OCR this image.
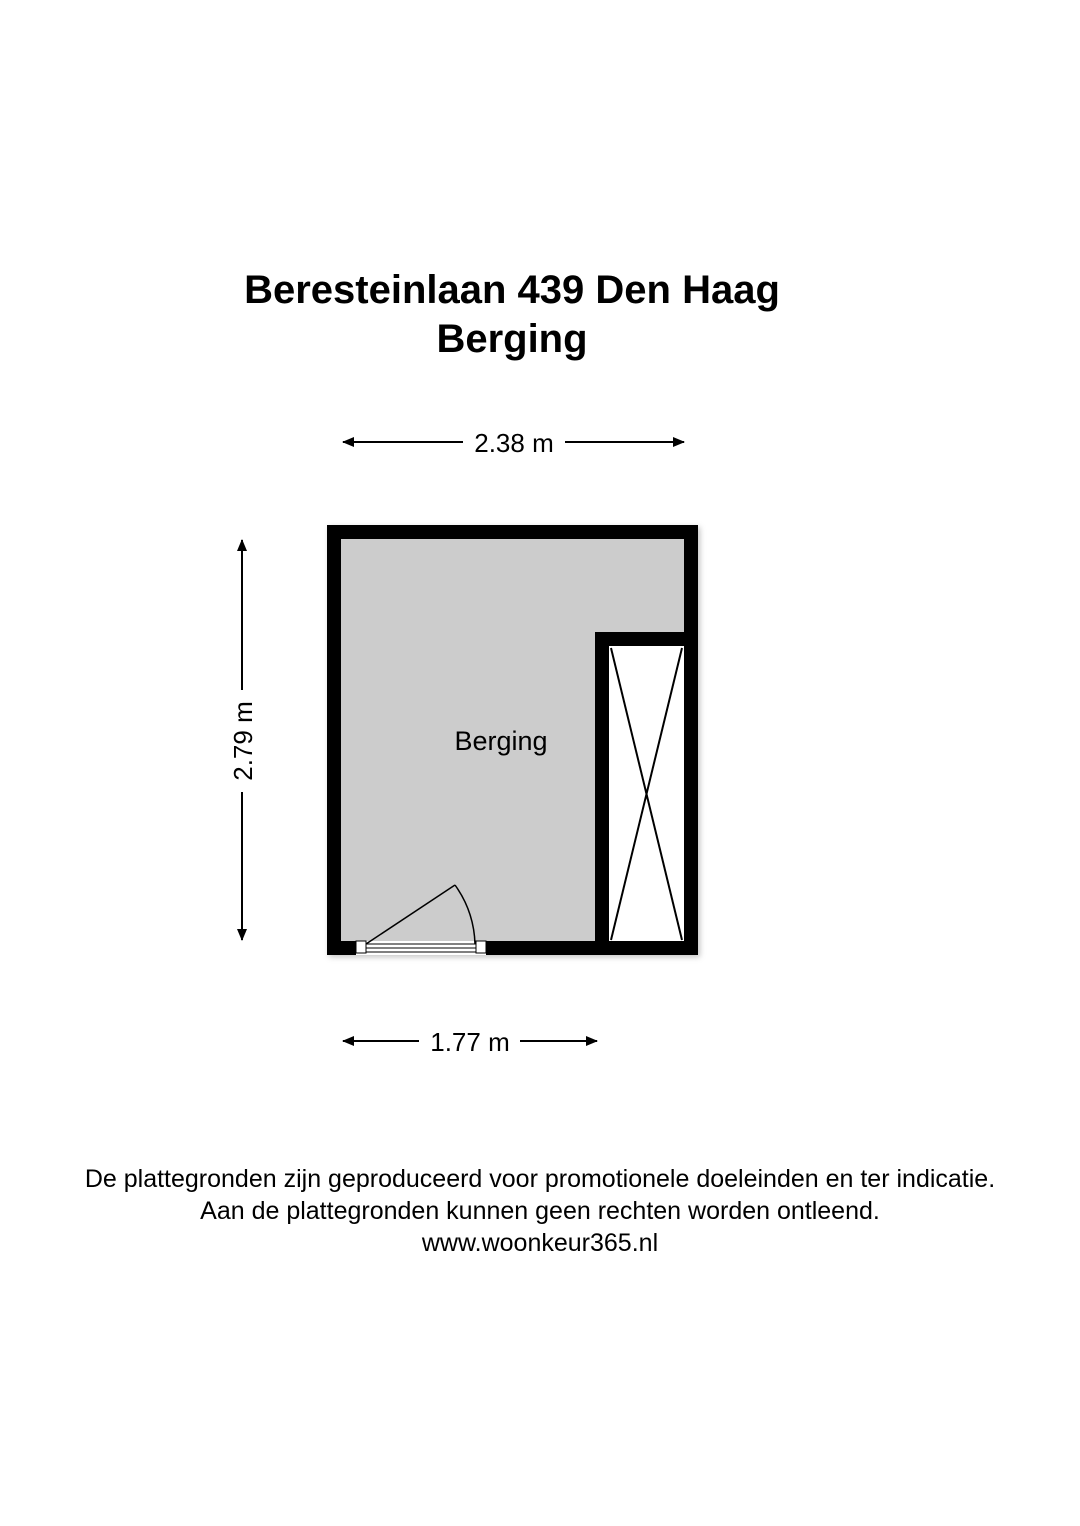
Beresteinlaan 439 Den Haag
Berging
2.38 m
2.79 m	Berging
1.77 m
De plattegronden zijn geproduceerd voor promotionele doeleinden en ter indicatie.
Aan de plattegronden kunnen geen rechten worden ontleend.
www.woonkeur365.nl
